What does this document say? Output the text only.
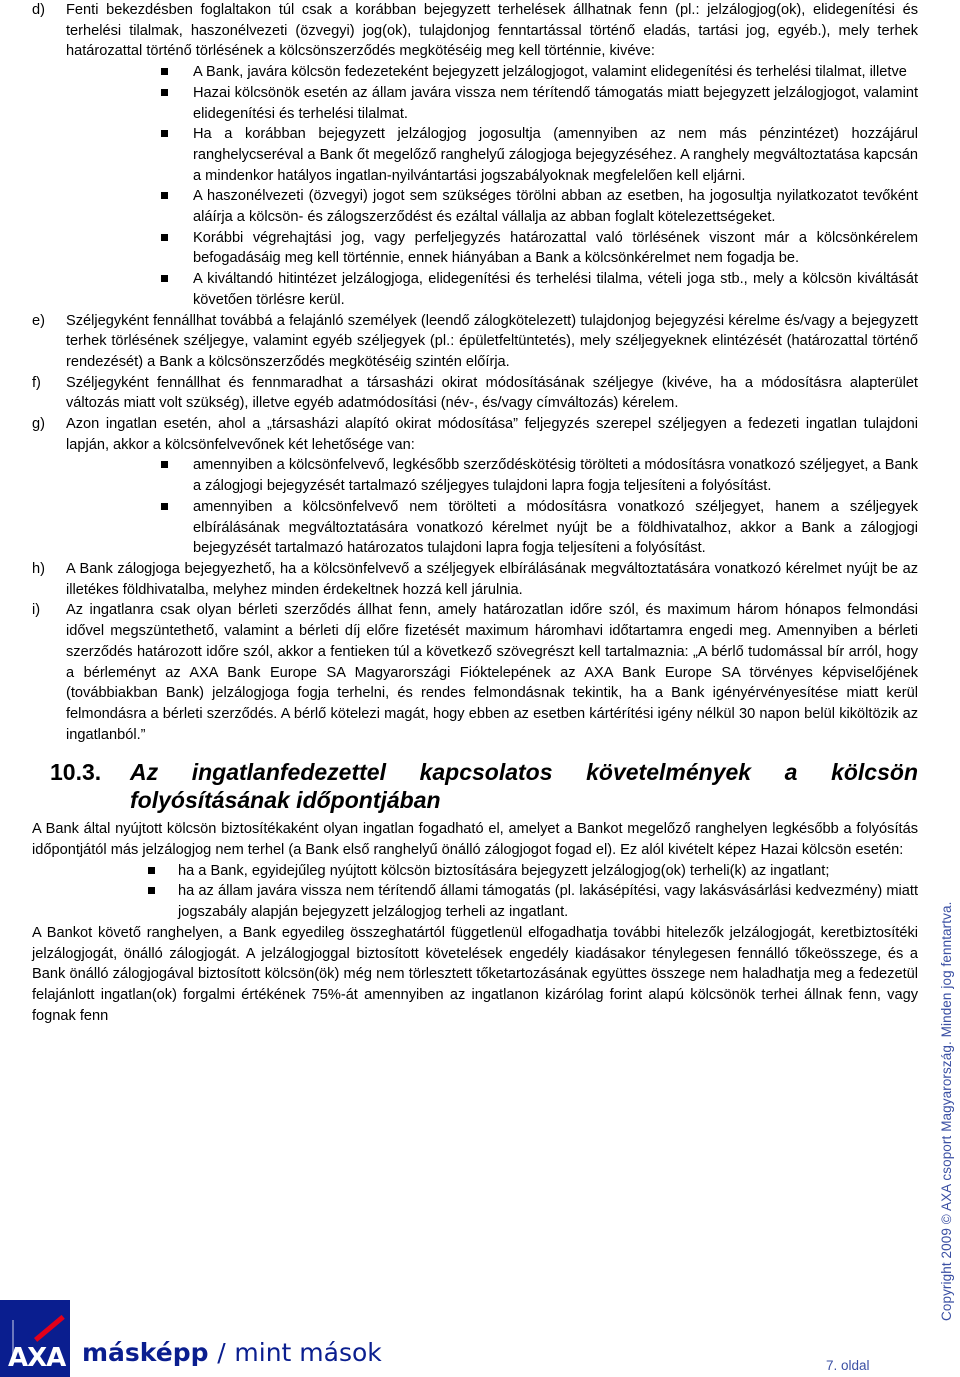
d)	Fenti bekezdésben foglaltakon túl csak a korábban bejegyzett terhelések állhatnak fenn (pl.: jelzálogjog(ok), elidegenítési és terhelési tilalmak, haszonélvezeti (özvegyi) jog(ok), tulajdonjog fenntartással történő eladás, tartási jog, egyéb.), mely terhek határozattal történő törlésének a kölcsönszerződés megkötéséig meg kell történnie, kivéve:
A Bank, javára kölcsön fedezeteként bejegyzett jelzálogjogot, valamint elidegenítési és terhelési tilalmat, illetve
Hazai kölcsönök esetén az állam javára vissza nem térítendő támogatás miatt bejegyzett jelzálogjogot, valamint elidegenítési és terhelési tilalmat.
Ha a korábban bejegyzett jelzálogjog jogosultja (amennyiben az nem más pénzintézet) hozzájárul ranghelycseréval a Bank őt megelőző ranghelyű zálogjoga bejegyzéséhez. A ranghely megváltoztatása kapcsán a mindenkor hatályos ingatlan-nyilvántartási jogszabályoknak megfelelően kell eljárni.
A haszonélvezeti (özvegyi) jogot sem szükséges törölni abban az esetben, ha jogosultja nyilatkozatot tevőként aláírja a kölcsön- és zálogszerződést és ezáltal vállalja az abban foglalt kötelezettségeket.
Korábbi végrehajtási jog, vagy perfeljegyzés határozattal való törlésének viszont már a kölcsönkérelem befogadásáig meg kell történnie, ennek hiányában a Bank a kölcsönkérelmet nem fogadja be.
A kiváltandó hitintézet jelzálogjoga, elidegenítési és terhelési tilalma, vételi joga stb., mely a kölcsön kiváltását követően törlésre kerül.
e)	Széljegyként fennállhat továbbá a felajánló személyek (leendő zálogkötelezett) tulajdonjog bejegyzési kérelme és/vagy a bejegyzett terhek törlésének széljegye, valamint egyéb széljegyek (pl.: épületfeltüntetés), mely széljegyeknek elintézését (határozattal történő rendezését) a Bank a kölcsönszerződés megkötéséig szintén előírja.
f)	Széljegyként fennállhat és fennmaradhat a társasházi okirat módosításának széljegye (kivéve, ha a módosításra alapterület változás miatt volt szükség), illetve egyéb adatmódosítási (név-, és/vagy címváltozás) kérelem.
g)	Azon ingatlan esetén, ahol a „társasházi alapító okirat módosítása” feljegyzés szerepel széljegyen a fedezeti ingatlan tulajdoni lapján, akkor a kölcsönfelvevőnek két lehetősége van:
amennyiben a kölcsönfelvevő, legkésőbb szerződéskötésig törölteti a módosításra vonatkozó széljegyet, a Bank a zálogjogi bejegyzését tartalmazó széljegyes tulajdoni lapra fogja teljesíteni a folyósítást.
amennyiben a kölcsönfelvevő nem törölteti a módosításra vonatkozó széljegyet, hanem a széljegyek elbírálásának megváltoztatására vonatkozó kérelmet nyújt be a földhivatalhoz, akkor a Bank a zálogjogi bejegyzését tartalmazó határozatos tulajdoni lapra fogja teljesíteni a folyósítást.
h)	A Bank zálogjoga bejegyezhető, ha a kölcsönfelvevő a széljegyek elbírálásának megváltoztatására vonatkozó kérelmet nyújt be az illetékes földhivatalba, melyhez minden érdekeltnek hozzá kell járulnia.
i)	Az ingatlanra csak olyan bérleti szerződés állhat fenn, amely határozatlan időre szól, és maximum három hónapos felmondási idővel megszüntethető, valamint a bérleti díj előre fizetését maximum háromhavi időtartamra engedi meg. Amennyiben a bérleti szerződés határozott időre szól, akkor a fentieken túl a következő szövegrészt kell tartalmaznia: „A bérlő tudomással bír arról, hogy a bérleményt az AXA Bank Europe SA Magyarországi Fióktelepének az AXA Bank Europe SA törvényes képviselőjének (továbbiakban Bank) jelzálogjoga fogja terhelni, és rendes felmondásnak tekintik, ha a Bank igényérvényesítése miatt kerül felmondásra a bérleti szerződés. A bérlő kötelezi magát, hogy ebben az esetben kártérítési igény nélkül 30 napon belül kiköltözik az ingatlanból.”
10.3.	Az ingatlanfedezettel kapcsolatos követelmények a kölcsön folyósításának időpontjában

A Bank által nyújtott kölcsön biztosítékaként olyan ingatlan fogadható el, amelyet a Bankot megelőző ranghelyen legkésőbb a folyósítás időpontjától más jelzálogjog nem terhel (a Bank első ranghelyű önálló zálogjogot fogad el). Ez alól kivételt képez Hazai kölcsön esetén:

ha a Bank, egyidejűleg nyújtott kölcsön biztosítására bejegyzett jelzálogjog(ok) terheli(k) az ingatlant;
ha az állam javára vissza nem térítendő állami támogatás (pl. lakásépítési, vagy lakásvásárlási kedvezmény) miatt jogszabály alapján bejegyzett jelzálogjog terheli az ingatlant.

A Bankot követő ranghelyen, a Bank egyedileg összeghatártól függetlenül elfogadhatja további hitelezők jelzálogjogát, keretbiztosítéki jelzálogjogát, önálló zálogjogát. A jelzálogjoggal biztosított követelések engedély kiadásakor ténylegesen fennálló tőkeösszege, és a Bank önálló zálogjogával biztosított kölcsön(ök) még nem törlesztett tőketartozásának együttes összege nem haladhatja meg a fedezetül felajánlott ingatlan(ok) forgalmi értékének 75%-át amennyiben az ingatlanon kizárólag forint alapú kölcsönök terhei állnak fenn, vagy fognak fenn	Copyright 2009 © AXA csoport Magyarország. Minden jog fenntartva.
AXA másképp / mint mások	7. oldal
